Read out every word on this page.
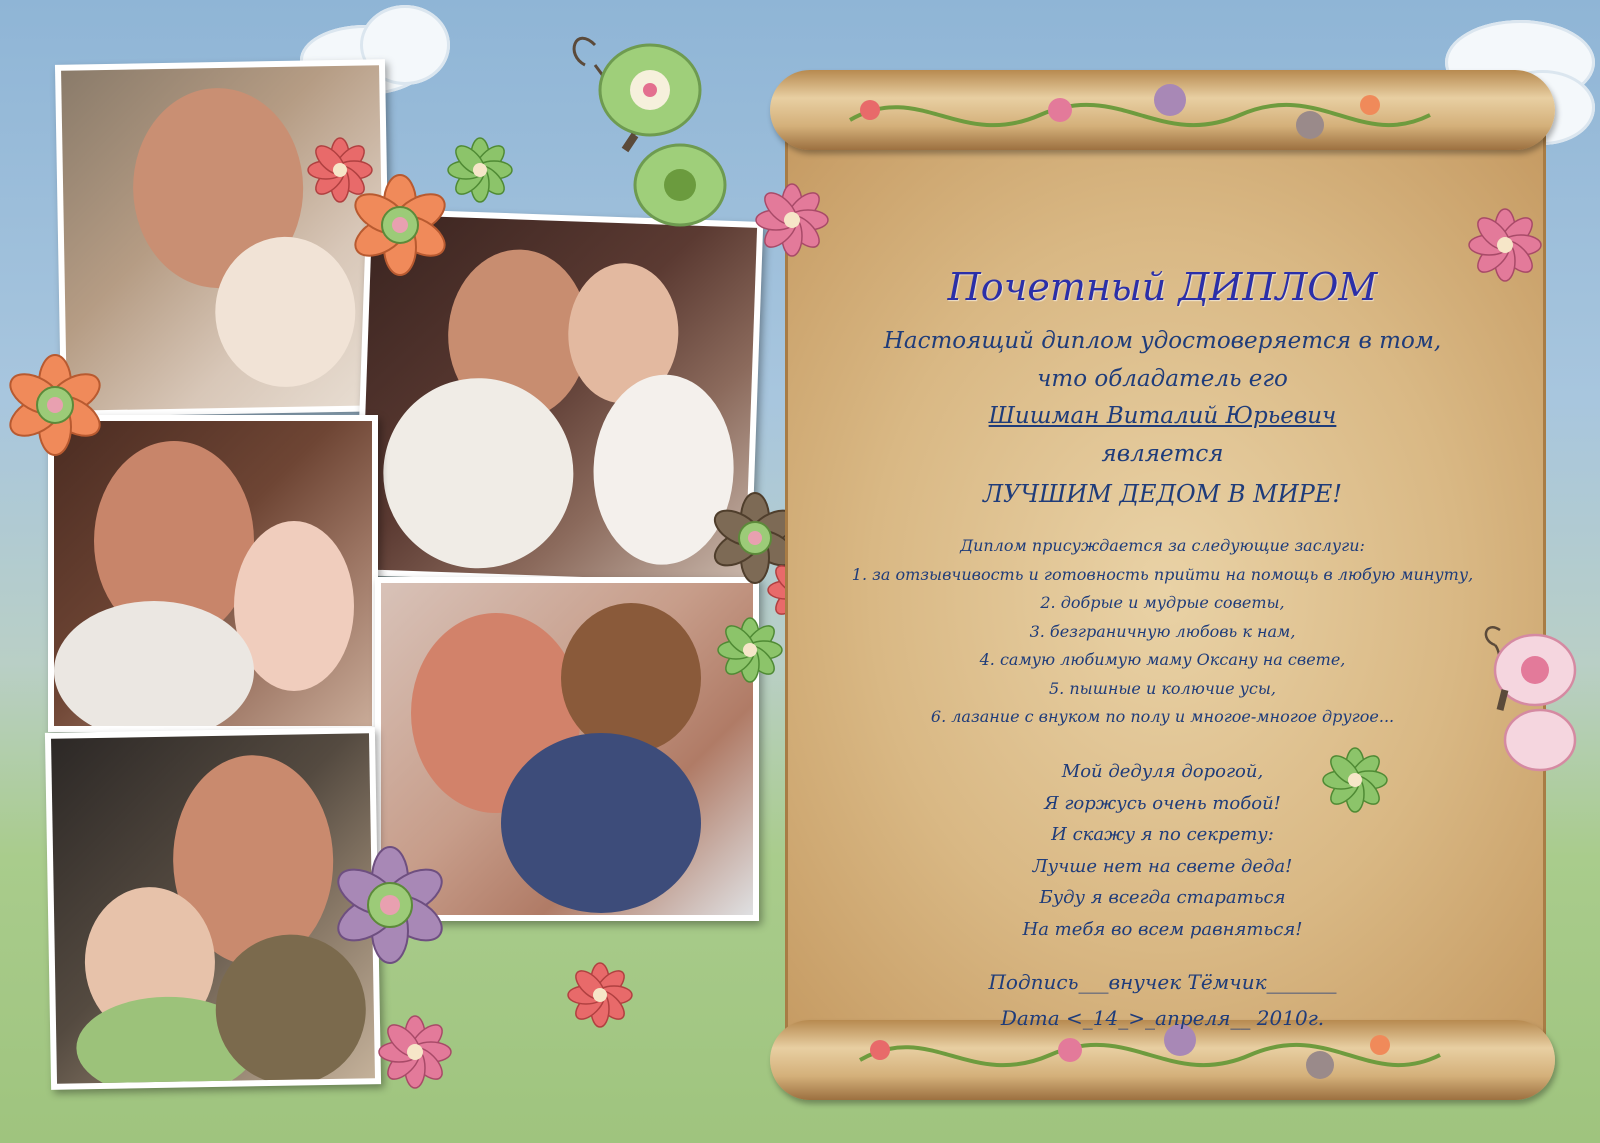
Почетный ДИПЛОМ
Настоящий диплом удостоверяется в том,
что обладатель его
Шишман Виталий Юрьевич
является
ЛУЧШИМ ДЕДОМ В МИРЕ!
Диплом присуждается за следующие заслуги:
1. за отзывчивость и готовность прийти на помощь в любую минуту,
2. добрые и мудрые советы,
3. безграничную любовь к нам,
4. самую любимую маму Оксану на свете,
5. пышные и колючие усы,
6. лазание с внуком по полу и многое-многое другое...
Мой дедуля дорогой,
Я горжусь очень тобой!
И скажу я по секрету:
Лучше нет на свете деда!
Буду я всегда стараться
На тебя во всем равняться!
Подпись___внучек Тёмчик_______
Dата <_14_>_апреля__ 2010г.
